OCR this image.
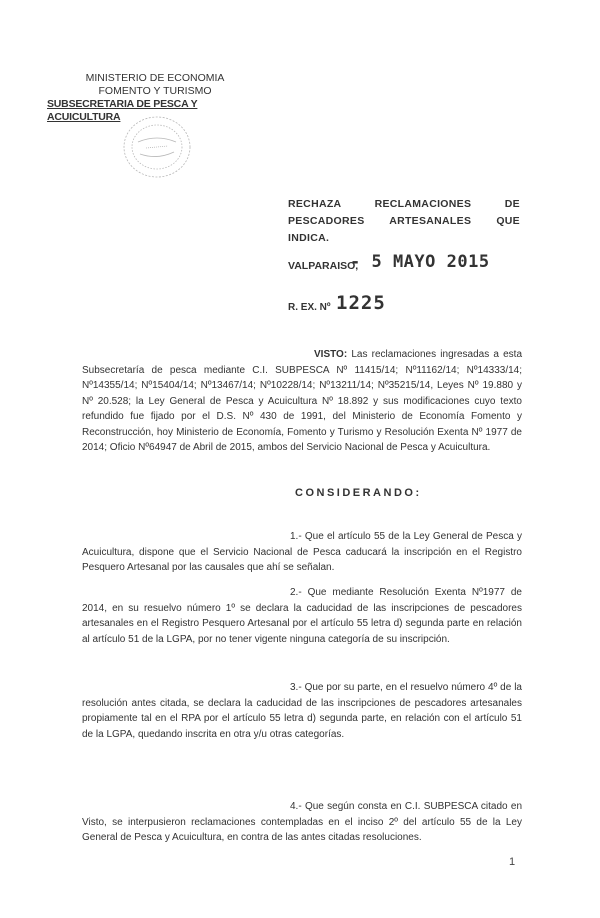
MINISTERIO DE ECONOMIA
FOMENTO Y TURISMO
SUBSECRETARIA DE PESCA Y ACUICULTURA
RECHAZA RECLAMACIONES DE PESCADORES ARTESANALES QUE INDICA.
VALPARAISO,
- 5 MAYO 2015
R. EX. Nº 1225

VISTO: Las reclamaciones ingresadas a esta Subsecretaría de pesca mediante C.I. SUBPESCA Nº 11415/14; Nº11162/14; Nº14333/14; Nº14355/14; Nº15404/14; Nº13467/14; Nº10228/14; Nº13211/14; Nº35215/14, Leyes Nº 19.880 y Nº 20.528; la Ley General de Pesca y Acuicultura Nº 18.892 y sus modificaciones cuyo texto refundido fue fijado por el D.S. Nº 430 de 1991, del Ministerio de Economía Fomento y Reconstrucción, hoy Ministerio de Economía, Fomento y Turismo y Resolución Exenta Nº 1977 de 2014; Oficio Nº64947 de Abril de 2015, ambos del Servicio Nacional de Pesca y Acuicultura.

CONSIDERANDO:

1.- Que el artículo 55 de la Ley General de Pesca y Acuicultura, dispone que el Servicio Nacional de Pesca caducará la inscripción en el Registro Pesquero Artesanal por las causales que ahí se señalan.

2.- Que mediante Resolución Exenta Nº1977 de 2014, en su resuelvo número 1º se declara la caducidad de las inscripciones de pescadores artesanales en el Registro Pesquero Artesanal por el artículo 55 letra d) segunda parte en relación al artículo 51 de la LGPA, por no tener vigente ninguna categoría de su inscripción.

3.- Que por su parte, en el resuelvo número 4º de la resolución antes citada, se declara la caducidad de las inscripciones de pescadores artesanales propiamente tal en el RPA por el artículo 55 letra d) segunda parte, en relación con el artículo 51 de la LGPA, quedando inscrita en otra y/u otras categorías.

4.- Que según consta en C.I. SUBPESCA citado en Visto, se interpusieron reclamaciones contempladas en el inciso 2º del artículo 55 de la Ley General de Pesca y Acuicultura, en contra de las antes citadas resoluciones.

1
